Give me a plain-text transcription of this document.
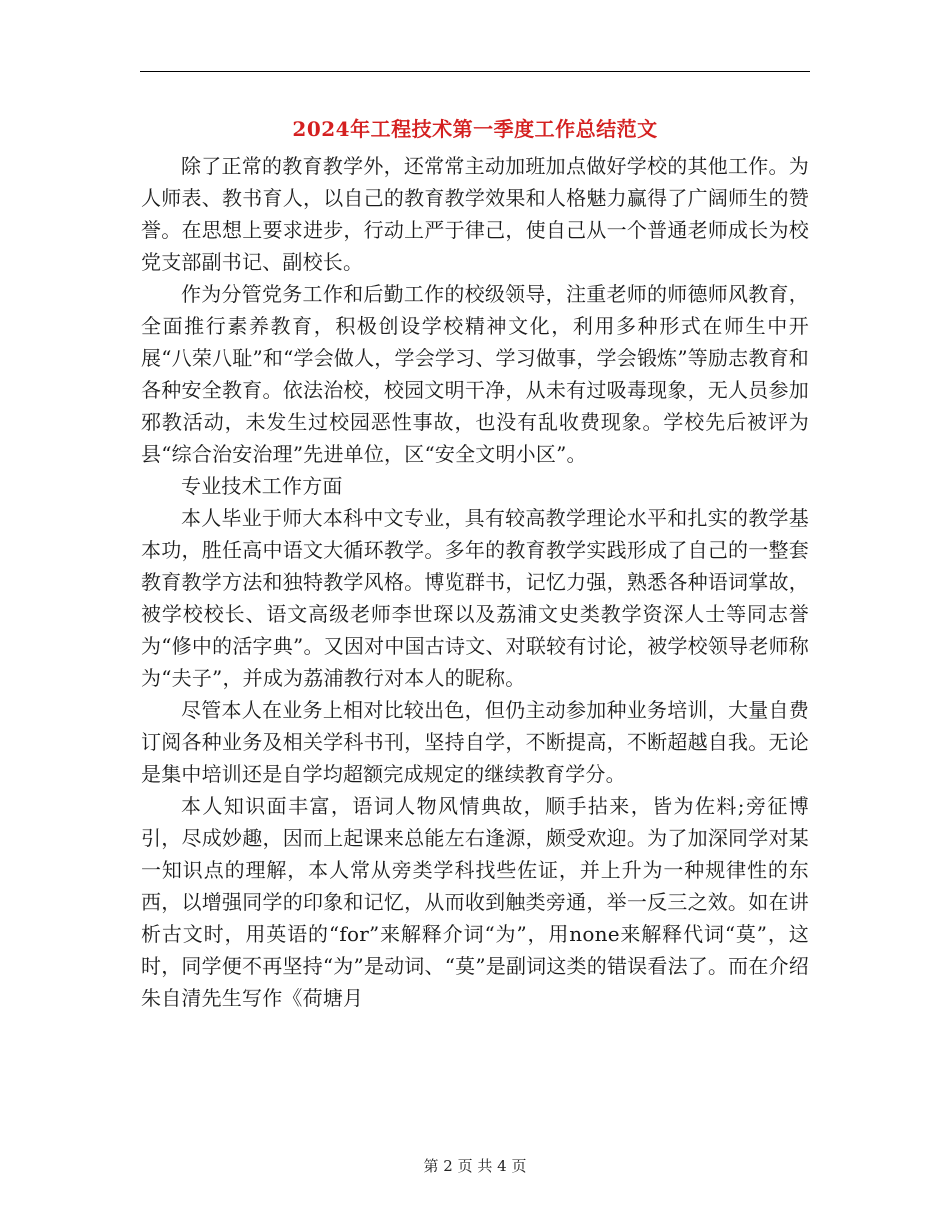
2024年工程技术第一季度工作总结范文

除了正常的教育教学外，还常常主动加班加点做好学校的其他工作。为人师表、教书育人，以自己的教育教学效果和人格魅力赢得了广阔师生的赞誉。在思想上要求进步，行动上严于律己，使自己从一个普通老师成长为校党支部副书记、副校长。

作为分管党务工作和后勤工作的校级领导，注重老师的师德师风教育，全面推行素养教育，积极创设学校精神文化，利用多种形式在师生中开展“八荣八耻”和“学会做人，学会学习、学习做事，学会锻炼”等励志教育和各种安全教育。依法治校，校园文明干净，从未有过吸毒现象，无人员参加邪教活动，未发生过校园恶性事故，也没有乱收费现象。学校先后被评为县“综合治安治理”先进单位，区“安全文明小区”。

专业技术工作方面

本人毕业于师大本科中文专业，具有较高教学理论水平和扎实的教学基本功，胜任高中语文大循环教学。多年的教育教学实践形成了自己的一整套教育教学方法和独特教学风格。博览群书，记忆力强，熟悉各种语词掌故，被学校校长、语文高级老师李世琛以及荔浦文史类教学资深人士等同志誉为“修中的活字典”。又因对中国古诗文、对联较有讨论，被学校领导老师称为“夫子”，并成为荔浦教行对本人的昵称。

尽管本人在业务上相对比较出色，但仍主动参加种业务培训，大量自费订阅各种业务及相关学科书刊，坚持自学，不断提高，不断超越自我。无论是集中培训还是自学均超额完成规定的继续教育学分。

本人知识面丰富，语词人物风情典故，顺手拈来，皆为佐料;旁征博引，尽成妙趣，因而上起课来总能左右逢源，颇受欢迎。为了加深同学对某一知识点的理解，本人常从旁类学科找些佐证，并上升为一种规律性的东西，以增强同学的印象和记忆，从而收到触类旁通，举一反三之效。如在讲析古文时，用英语的“for”来解释介词“为”，用none来解释代词“莫”，这时，同学便不再坚持“为”是动词、“莫”是副词这类的错误看法了。而在介绍朱自清先生写作《荷塘月

第 2 页 共 4 页
